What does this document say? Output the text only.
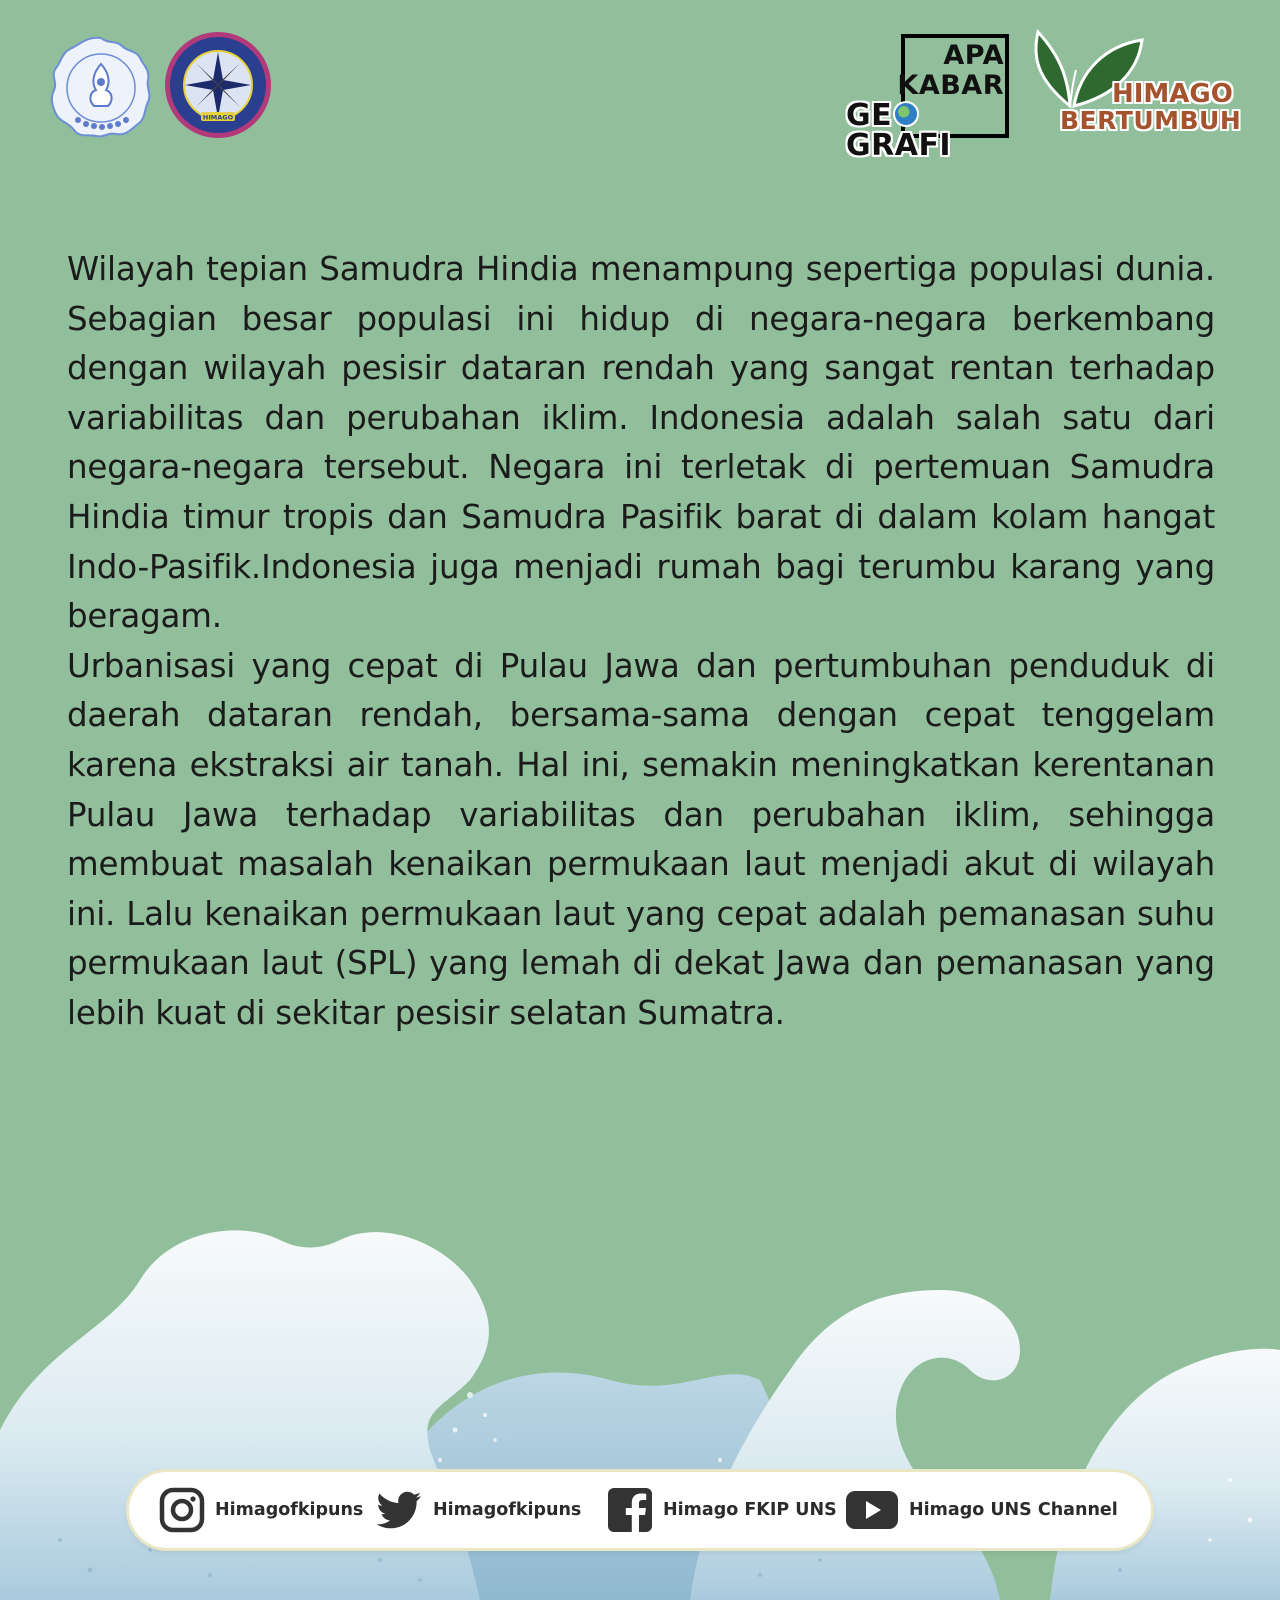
HIMAGO
APA
KABAR
GEGRAFI
HIMAGO
BERTUMBUH

Wilayah tepian Samudra Hindia menampung sepertiga populasi dunia. Sebagian besar populasi ini hidup di negara-negara berkembang dengan wilayah pesisir dataran rendah yang sangat rentan terhadap variabilitas dan perubahan iklim. Indonesia adalah salah satu dari negara-negara tersebut. Negara ini terletak di pertemuan Samudra Hindia timur tropis dan Samudra Pasifik barat di dalam kolam hangat Indo-Pasifik.Indonesia juga menjadi rumah bagi terumbu karang yang beragam.

Urbanisasi yang cepat di Pulau Jawa dan pertumbuhan penduduk di daerah dataran rendah, bersama-sama dengan cepat tenggelam karena ekstraksi air tanah. Hal ini, semakin meningkatkan kerentanan Pulau Jawa terhadap variabilitas dan perubahan iklim, sehingga membuat masalah kenaikan permukaan laut menjadi akut di wilayah ini. Lalu kenaikan permukaan laut yang cepat adalah pemanasan suhu permukaan laut (SPL) yang lemah di dekat Jawa dan pemanasan yang lebih kuat di sekitar pesisir selatan Sumatra.

Himagofkipuns	Himagofkipuns	Himago FKIP UNS	Himago UNS Channel
